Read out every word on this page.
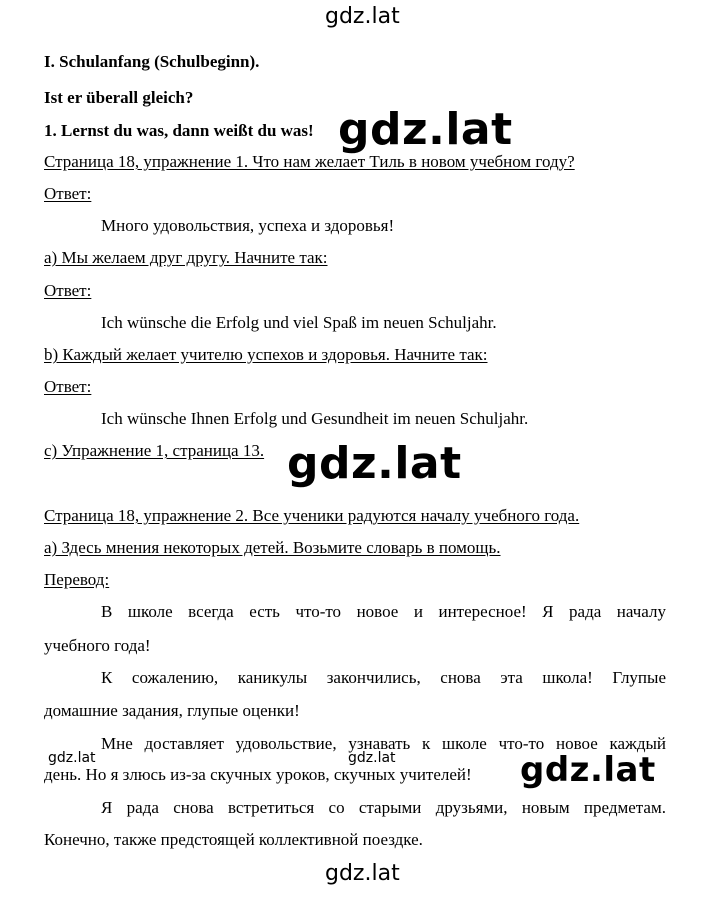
gdz.lat
I. Schulanfang (Schulbeginn).
Ist er überall gleich?
1. Lernst du was, dann weißt du was! gdz.lat
Страница 18, упражнение 1. Что нам желает Тиль в новом учебном году?
Ответ:
Много удовольствия, успеха и здоровья!
а) Мы желаем друг другу. Начните так:
Ответ:
Ich wünsche die Erfolg und viel Spaß im neuen Schuljahr.
b) Каждый желает учителю успехов и здоровья. Начните так:
Ответ:
Ich wünsche Ihnen Erfolg und Gesundheit im neuen Schuljahr.
с) Упражнение 1, страница 13. gdz.lat
Страница 18, упражнение 2. Все ученики радуются началу учебного года.
а) Здесь мнения некоторых детей. Возьмите словарь в помощь.
Перевод:
В школе всегда есть что-то новое и интересное! Я рада началу
учебного года!
К сожалению, каникулы закончились, снова эта школа! Глупые
домашние задания, глупые оценки!
Мне доставляет удовольствие, узнавать к школе что-то новое каждый
день. Но я злюсь из-за скучных уроков, скучных учителей!
Я рада снова встретиться со старыми друзьями, новым предметам.
Конечно, также предстоящей коллективной поездке.
gdz.lat	gdz.lat	gdz.lat
gdz.lat
